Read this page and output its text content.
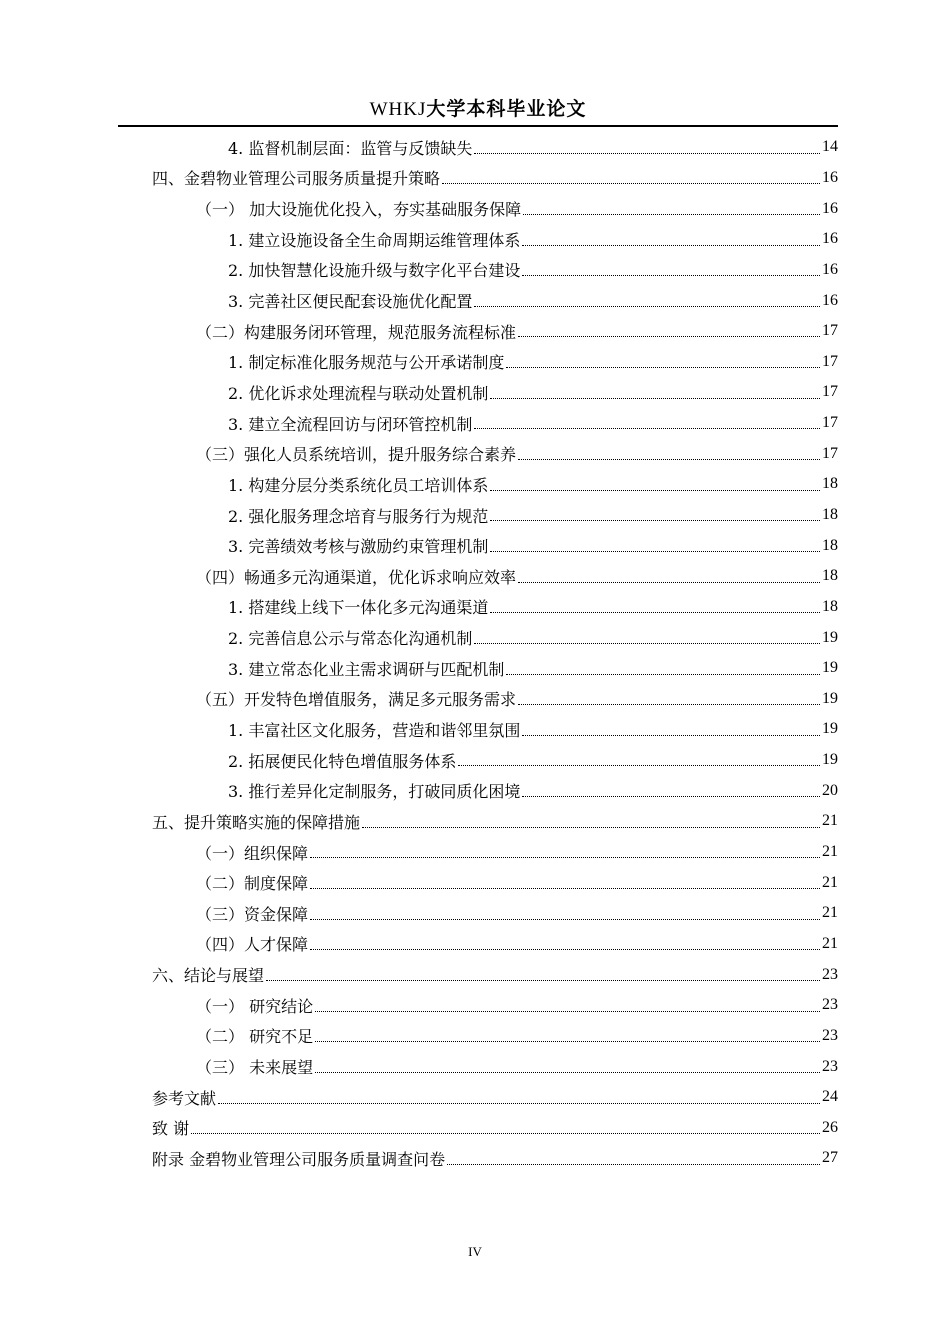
WHKJ大学本科毕业论文
4. 监督机制层面：监管与反馈缺失	14
四、金碧物业管理公司服务质量提升策略	16
（一） 加大设施优化投入，夯实基础服务保障	16
1. 建立设施设备全生命周期运维管理体系	16
2. 加快智慧化设施升级与数字化平台建设	16
3. 完善社区便民配套设施优化配置	16
（二）构建服务闭环管理，规范服务流程标准	17
1. 制定标准化服务规范与公开承诺制度	17
2. 优化诉求处理流程与联动处置机制	17
3. 建立全流程回访与闭环管控机制	17
（三）强化人员系统培训，提升服务综合素养	17
1. 构建分层分类系统化员工培训体系	18
2. 强化服务理念培育与服务行为规范	18
3. 完善绩效考核与激励约束管理机制	18
（四）畅通多元沟通渠道，优化诉求响应效率	18
1. 搭建线上线下一体化多元沟通渠道	18
2. 完善信息公示与常态化沟通机制	19
3. 建立常态化业主需求调研与匹配机制	19
（五）开发特色增值服务，满足多元服务需求	19
1. 丰富社区文化服务，营造和谐邻里氛围	19
2. 拓展便民化特色增值服务体系	19
3. 推行差异化定制服务，打破同质化困境	20
五、提升策略实施的保障措施	21
（一）组织保障	21
（二）制度保障	21
（三）资金保障	21
（四）人才保障	21
六、结论与展望	23
（一） 研究结论	23
（二） 研究不足	23
（三） 未来展望	23
参考文献	24
致 谢	26
附录 金碧物业管理公司服务质量调查问卷	27
IV
